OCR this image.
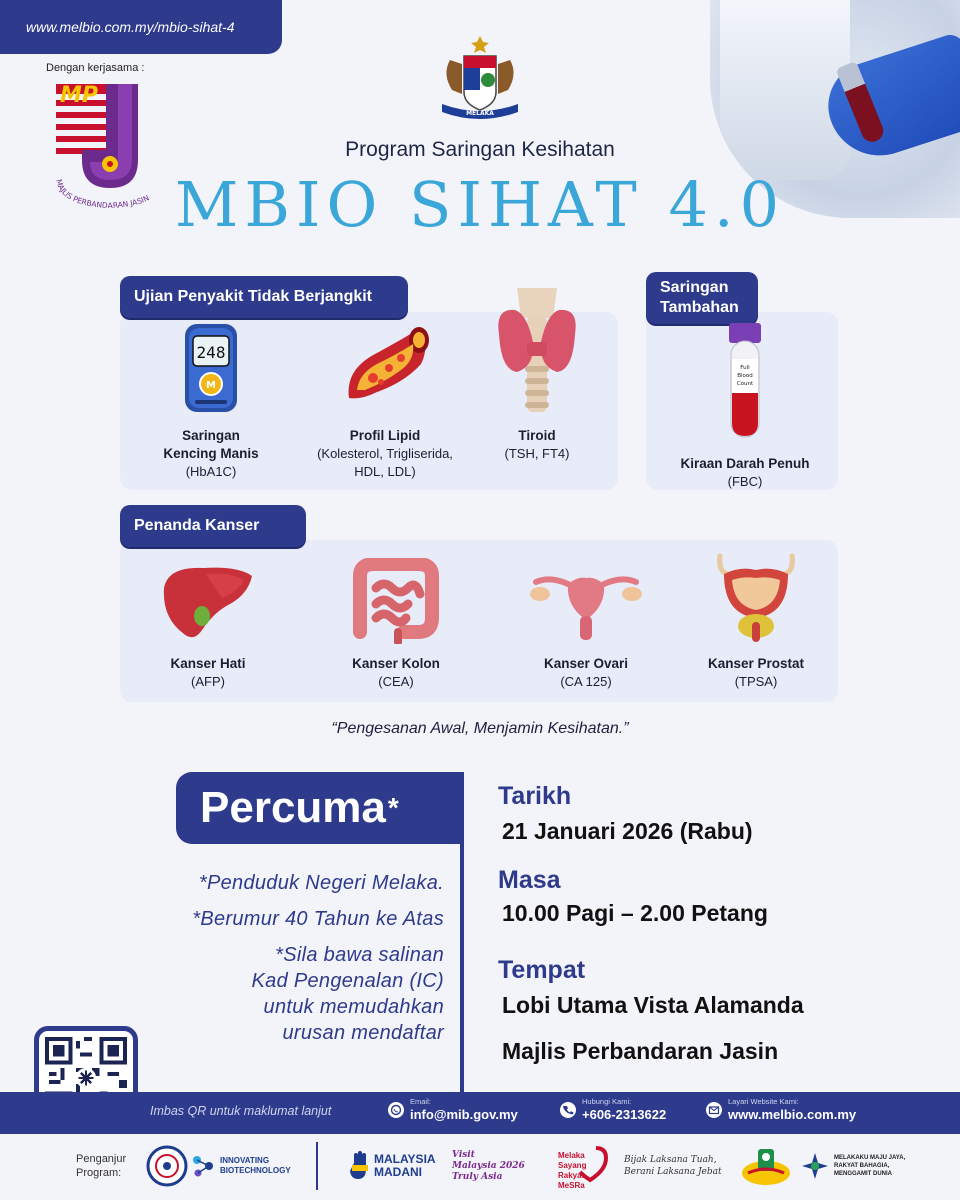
www.melbio.com.my/mbio-sihat-4
Dengan kerjasama :
MP
MAJLIS PERBANDARAN JASIN
MELAKA
Program Saringan Kesihatan
MBIO SIHAT 4.0
Ujian Penyakit Tidak Berjangkit
248
M
Saringan
Kencing Manis
(HbA1C)
Profil Lipid
(Kolesterol, Trigliserida,
HDL, LDL)
Tiroid
(TSH, FT4)
Saringan
Tambahan
Full
Blood
Count
Kiraan Darah Penuh
(FBC)
Penanda Kanser
Kanser Hati
(AFP)
Kanser Kolon
(CEA)
Kanser Ovari
(CA 125)
Kanser Prostat
(TPSA)
“Pengesanan Awal, Menjamin Kesihatan.”
Percuma *
*Penduduk Negeri Melaka.
*Berumur 40 Tahun ke Atas
*Sila bawa salinan
Kad Pengenalan (IC)
untuk memudahkan
urusan mendaftar
Tarikh
21 Januari 2026 (Rabu)
Masa
10.00 Pagi – 2.00 Petang
Tempat
Lobi Utama Vista Alamanda
Majlis Perbandaran Jasin
Imbas QR untuk maklumat lanjut
Email:
info@mib.gov.my
Hubungi Kami:
+606-2313622
Layari Website Kami:
www.melbio.com.my
Penganjur
Program:
INNOVATING
BIOTECHNOLOGY
MALAYSIA
MADANI
Visit
Malaysia 2026
Truly Asia
Melaka
Sayang Rakyat
MeSRa
Bijak Laksana Tuah,
Berani Laksana Jebat
MELAKAKU MAJU JAYA,
RAKYAT BAHAGIA,
MENGGAMIT DUNIA
